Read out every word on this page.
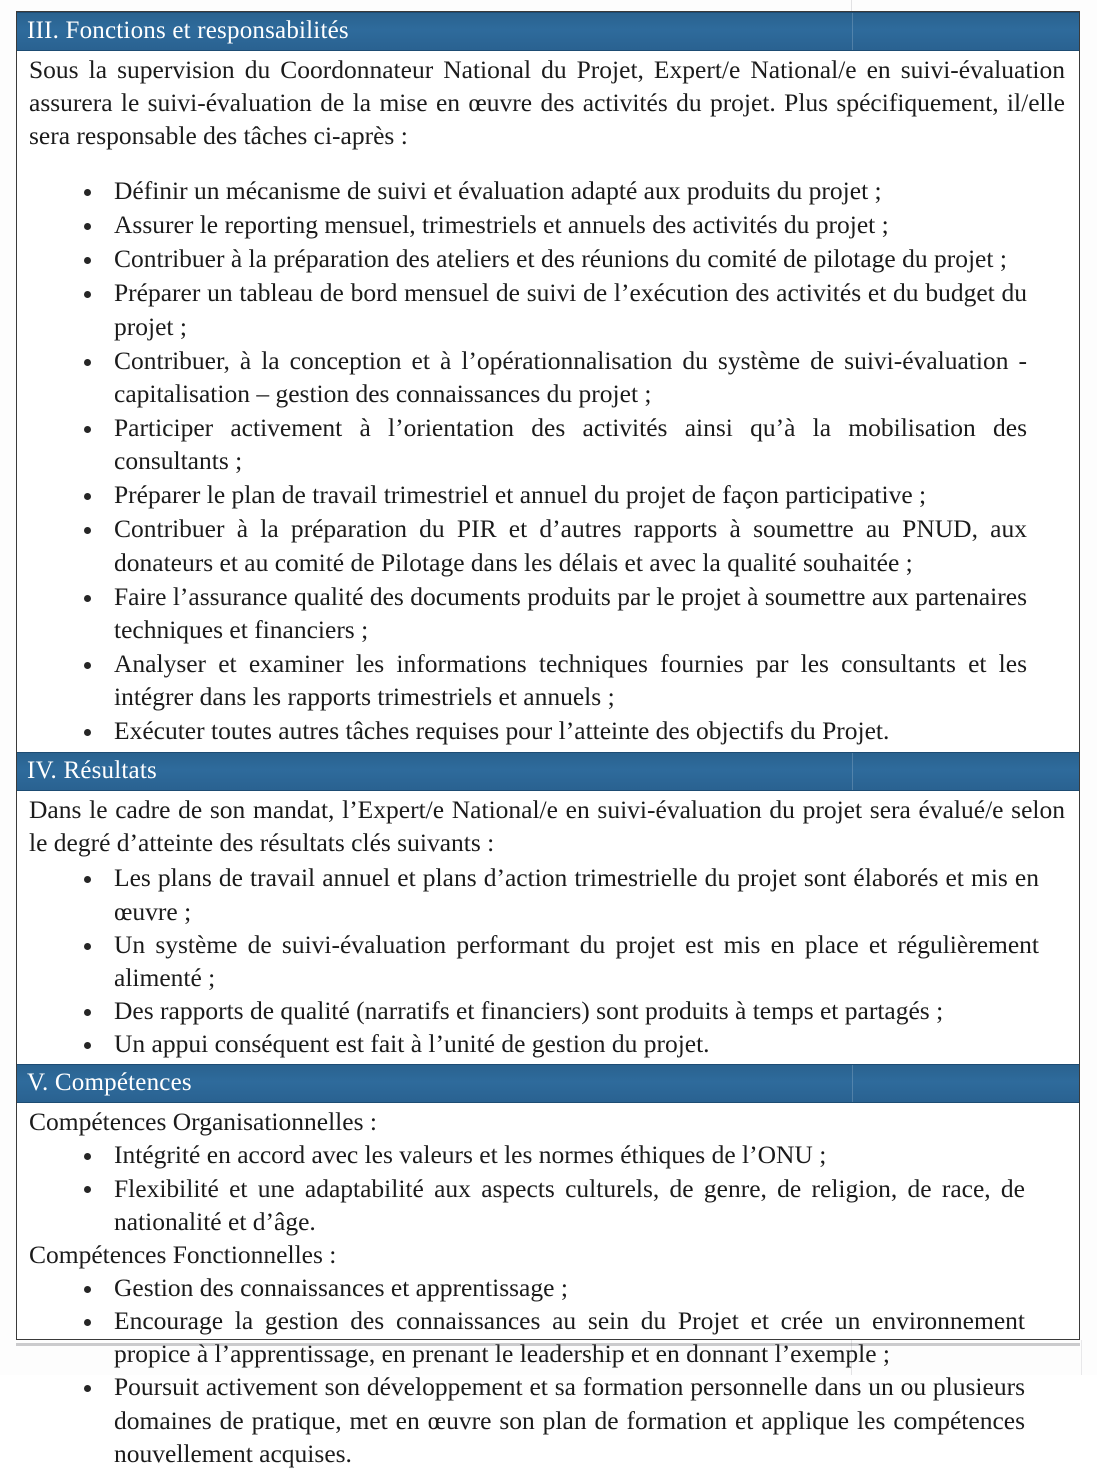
III. Fonctions et responsabilités

Sous la supervision du Coordonnateur National du Projet, Expert/e National/e en suivi-évaluation assurera le suivi-évaluation de la mise en œuvre des activités du projet. Plus spécifiquement, il/elle sera responsable des tâches ci-après :

Définir un mécanisme de suivi et évaluation adapté aux produits du projet ;
Assurer le reporting mensuel, trimestriels et annuels des activités du projet ;
Contribuer à la préparation des ateliers et des réunions du comité de pilotage du projet ;
Préparer un tableau de bord mensuel de suivi de l’exécution des activités et du budget du projet ;
Contribuer, à la conception et à l’opérationnalisation du système de suivi-évaluation - capitalisation – gestion des connaissances du projet ;
Participer activement à l’orientation des activités ainsi qu’à la mobilisation des consultants ;
Préparer le plan de travail trimestriel et annuel du projet de façon participative ;
Contribuer à la préparation du PIR et d’autres rapports à soumettre au PNUD, aux donateurs et au comité de Pilotage dans les délais et avec la qualité souhaitée ;
Faire l’assurance qualité des documents produits par le projet à soumettre aux partenaires techniques et financiers ;
Analyser et examiner les informations techniques fournies par les consultants et les intégrer dans les rapports trimestriels et annuels ;
Exécuter toutes autres tâches requises pour l’atteinte des objectifs du Projet.
IV. Résultats

Dans le cadre de son mandat, l’Expert/e National/e en suivi-évaluation du projet sera évalué/e selon le degré d’atteinte des résultats clés suivants :

Les plans de travail annuel et plans d’action trimestrielle du projet sont élaborés et mis en œuvre ;
Un système de suivi-évaluation performant du projet est mis en place et régulièrement alimenté ;
Des rapports de qualité (narratifs et financiers) sont produits à temps et partagés ;
Un appui conséquent est fait à l’unité de gestion du projet.
V. Compétences

Compétences Organisationnelles :

Intégrité en accord avec les valeurs et les normes éthiques de l’ONU ;
Flexibilité et une adaptabilité aux aspects culturels, de genre, de religion, de race, de nationalité et d’âge.

Compétences Fonctionnelles :

Gestion des connaissances et apprentissage ;
Encourage la gestion des connaissances au sein du Projet et crée un environnement propice à l’apprentissage, en prenant le leadership et en donnant l’exemple ;
Poursuit activement son développement et sa formation personnelle dans un ou plusieurs domaines de pratique, met en œuvre son plan de formation et applique les compétences nouvellement acquises.
